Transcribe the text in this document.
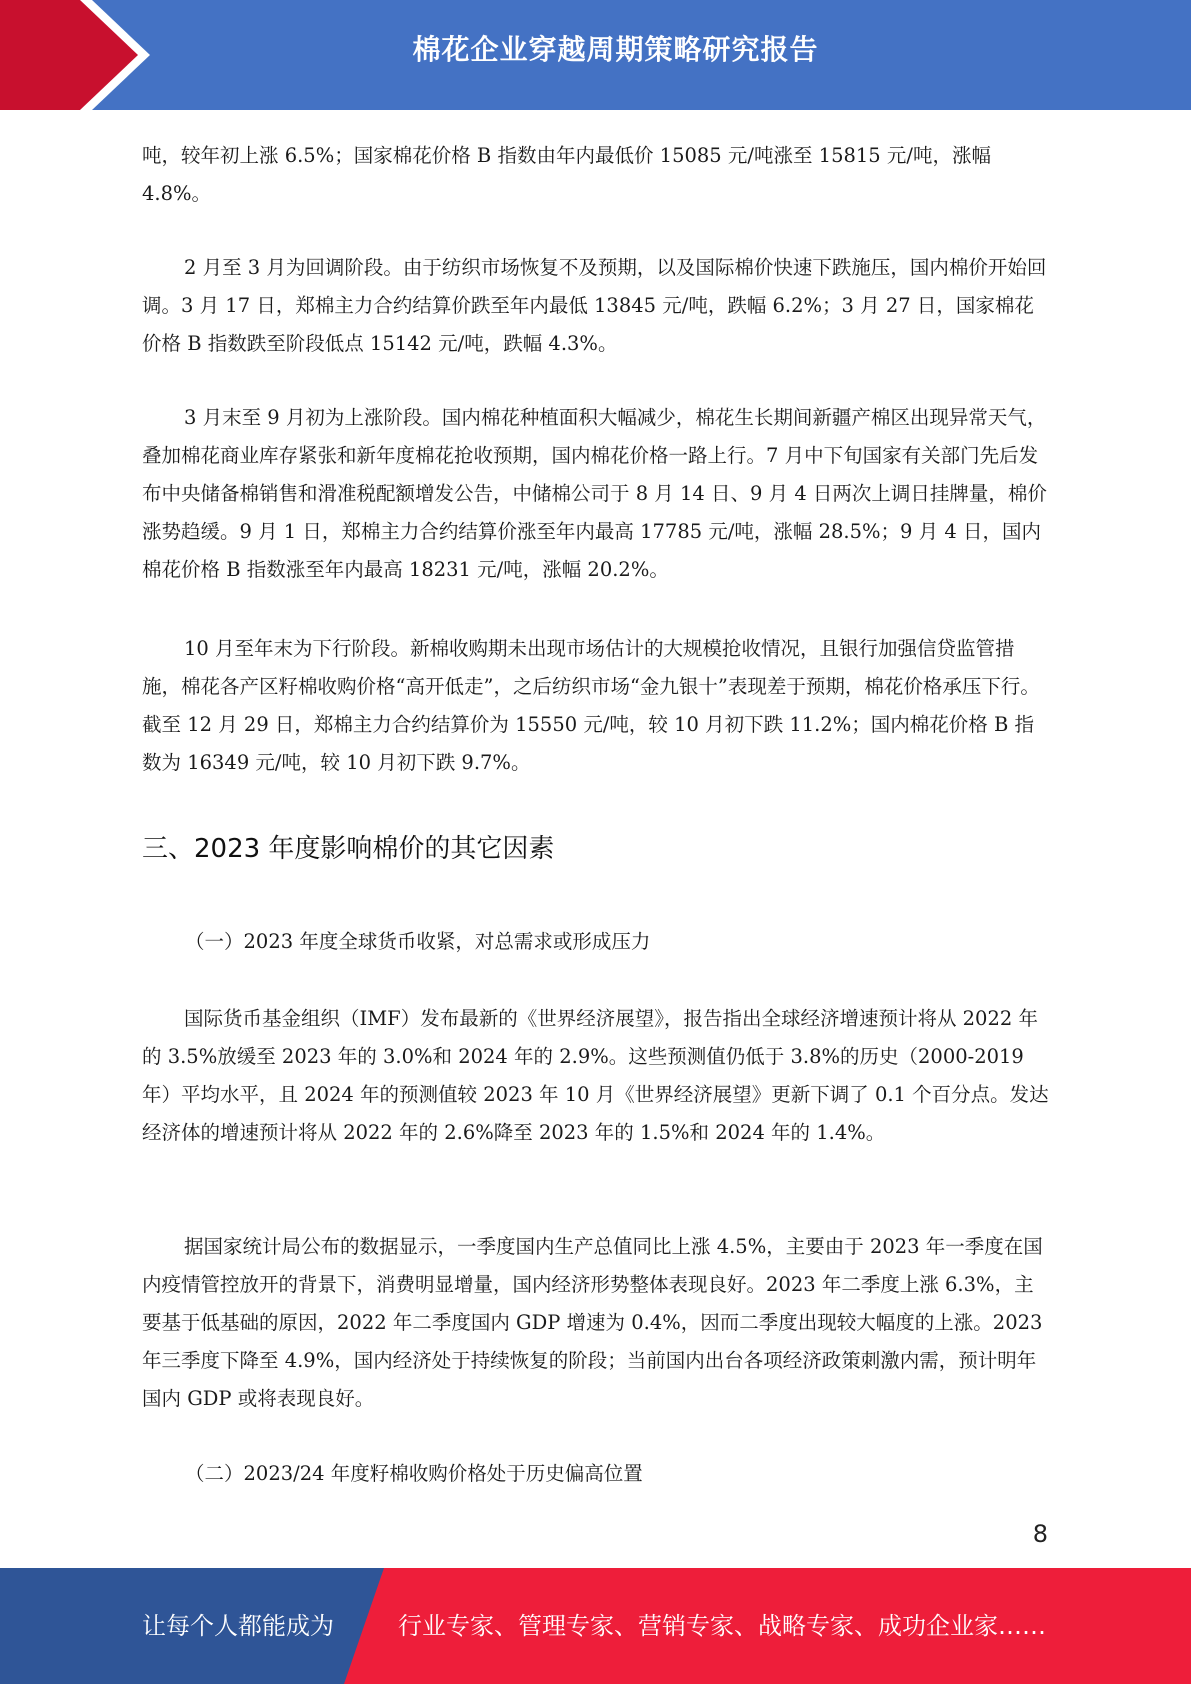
棉花企业穿越周期策略研究报告

吨，较年初上涨 6.5%；国家棉花价格 B 指数由年内最低价 15085 元/吨涨至 15815 元/吨，涨幅 4.8%。

2 月至 3 月为回调阶段。由于纺织市场恢复不及预期，以及国际棉价快速下跌施压，国内棉价开始回调。3 月 17 日，郑棉主力合约结算价跌至年内最低 13845 元/吨，跌幅 6.2%；3 月 27 日，国家棉花价格 B 指数跌至阶段低点 15142 元/吨，跌幅 4.3%。

3 月末至 9 月初为上涨阶段。国内棉花种植面积大幅减少，棉花生长期间新疆产棉区出现异常天气，叠加棉花商业库存紧张和新年度棉花抢收预期，国内棉花价格一路上行。7 月中下旬国家有关部门先后发布中央储备棉销售和滑准税配额增发公告，中储棉公司于 8 月 14 日、9 月 4 日两次上调日挂牌量，棉价涨势趋缓。9 月 1 日，郑棉主力合约结算价涨至年内最高 17785 元/吨，涨幅 28.5%；9 月 4 日，国内棉花价格 B 指数涨至年内最高 18231 元/吨，涨幅 20.2%。

10 月至年末为下行阶段。新棉收购期未出现市场估计的大规模抢收情况，且银行加强信贷监管措施，棉花各产区籽棉收购价格“高开低走”，之后纺织市场“金九银十”表现差于预期，棉花价格承压下行。截至 12 月 29 日，郑棉主力合约结算价为 15550 元/吨，较 10 月初下跌 11.2%；国内棉花价格 B 指数为 16349 元/吨，较 10 月初下跌 9.7%。

三、2023 年度影响棉价的其它因素
（一）2023 年度全球货币收紧，对总需求或形成压力

国际货币基金组织（IMF）发布最新的《世界经济展望》，报告指出全球经济增速预计将从 2022 年的 3.5%放缓至 2023 年的 3.0%和 2024 年的 2.9%。这些预测值仍低于 3.8%的历史（2000-2019 年）平均水平，且 2024 年的预测值较 2023 年 10 月《世界经济展望》更新下调了 0.1 个百分点。发达经济体的增速预计将从 2022 年的 2.6%降至 2023 年的 1.5%和 2024 年的 1.4%。

据国家统计局公布的数据显示，一季度国内生产总值同比上涨 4.5%，主要由于 2023 年一季度在国内疫情管控放开的背景下，消费明显增量，国内经济形势整体表现良好。2023 年二季度上涨 6.3%，主要基于低基础的原因，2022 年二季度国内 GDP 增速为 0.4%，因而二季度出现较大幅度的上涨。2023 年三季度下降至 4.9%，国内经济处于持续恢复的阶段；当前国内出台各项经济政策刺激内需，预计明年国内 GDP 或将表现良好。

（二）2023/24 年度籽棉收购价格处于历史偏高位置
8
让每个人都能成为	行业专家、管理专家、营销专家、战略专家、成功企业家……
